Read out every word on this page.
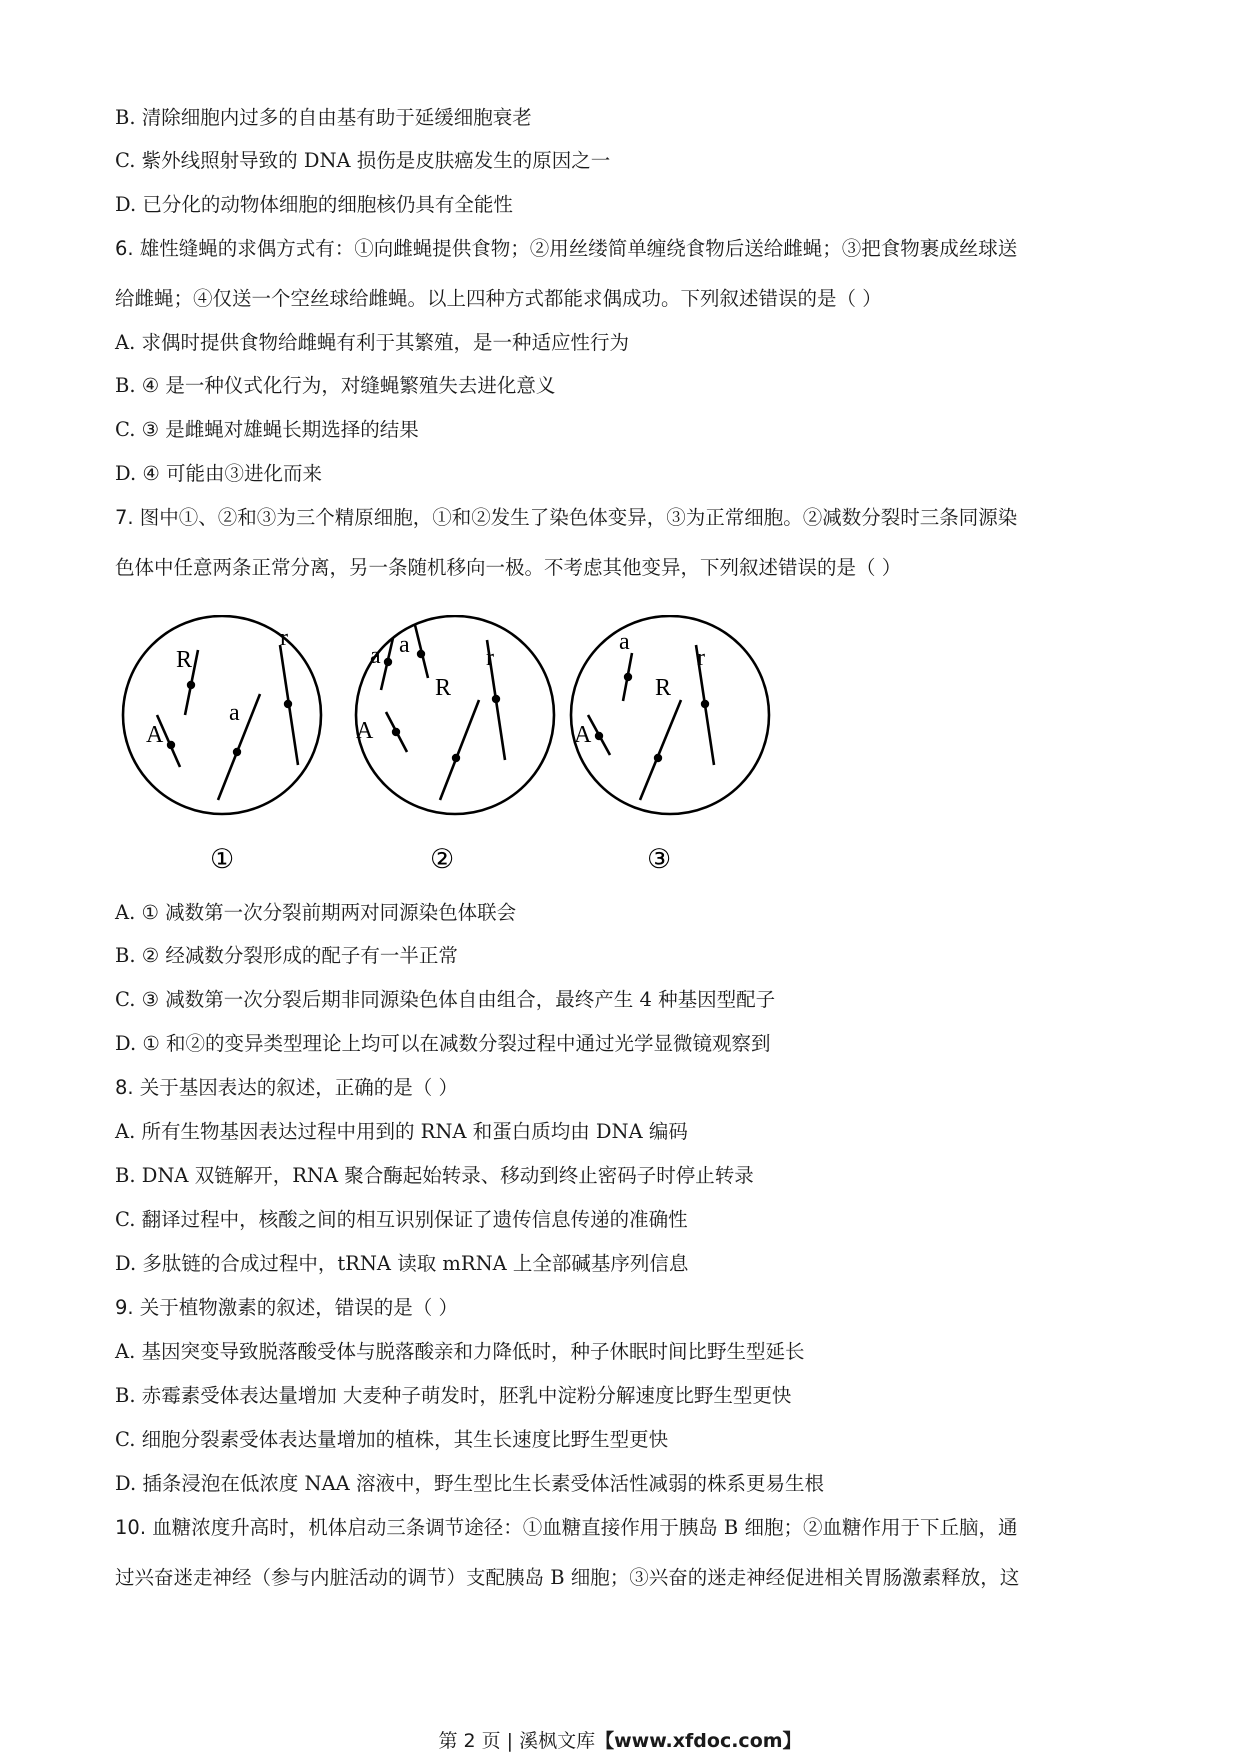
B. 清除细胞内过多的自由基有助于延缓细胞衰老
C. 紫外线照射导致的 DNA 损伤是皮肤癌发生的原因之一
D. 已分化的动物体细胞的细胞核仍具有全能性
6. 雄性缝蝇的求偶方式有：①向雌蝇提供食物；②用丝缕简单缠绕食物后送给雌蝇；③把食物裹成丝球送
给雌蝇；④仅送一个空丝球给雌蝇。以上四种方式都能求偶成功。下列叙述错误的是（ ）
A. 求偶时提供食物给雌蝇有利于其繁殖，是一种适应性行为
B. ④ 是一种仪式化行为，对缝蝇繁殖失去进化意义
C. ③ 是雌蝇对雄蝇长期选择的结果
D. ④ 可能由③进化而来
7. 图中①、②和③为三个精原细胞，①和②发生了染色体变异，③为正常细胞。②减数分裂时三条同源染
色体中任意两条正常分离，另一条随机移向一极。不考虑其他变异，下列叙述错误的是（ ）
R
A
a
r
①
a a
R
A
r
②
a
R
A
r
③
A. ① 减数第一次分裂前期两对同源染色体联会
B. ② 经减数分裂形成的配子有一半正常
C. ③ 减数第一次分裂后期非同源染色体自由组合，最终产生 4 种基因型配子
D. ① 和②的变异类型理论上均可以在减数分裂过程中通过光学显微镜观察到
8. 关于基因表达的叙述，正确的是（ ）
A. 所有生物基因表达过程中用到的 RNA 和蛋白质均由 DNA 编码
B. DNA 双链解开，RNA 聚合酶起始转录、移动到终止密码子时停止转录
C. 翻译过程中，核酸之间的相互识别保证了遗传信息传递的准确性
D. 多肽链的合成过程中，tRNA 读取 mRNA 上全部碱基序列信息
9. 关于植物激素的叙述，错误的是（ ）
A. 基因突变导致脱落酸受体与脱落酸亲和力降低时，种子休眠时间比野生型延长
B. 赤霉素受体表达量增加 大麦种子萌发时，胚乳中淀粉分解速度比野生型更快
C. 细胞分裂素受体表达量增加的植株，其生长速度比野生型更快
D. 插条浸泡在低浓度 NAA 溶液中，野生型比生长素受体活性减弱的株系更易生根
10. 血糖浓度升高时，机体启动三条调节途径：①血糖直接作用于胰岛 B 细胞；②血糖作用于下丘脑，通
过兴奋迷走神经（参与内脏活动的调节）支配胰岛 B 细胞；③兴奋的迷走神经促进相关胃肠激素释放，这
第 2 页 | 溪枫文库【www.xfdoc.com】
